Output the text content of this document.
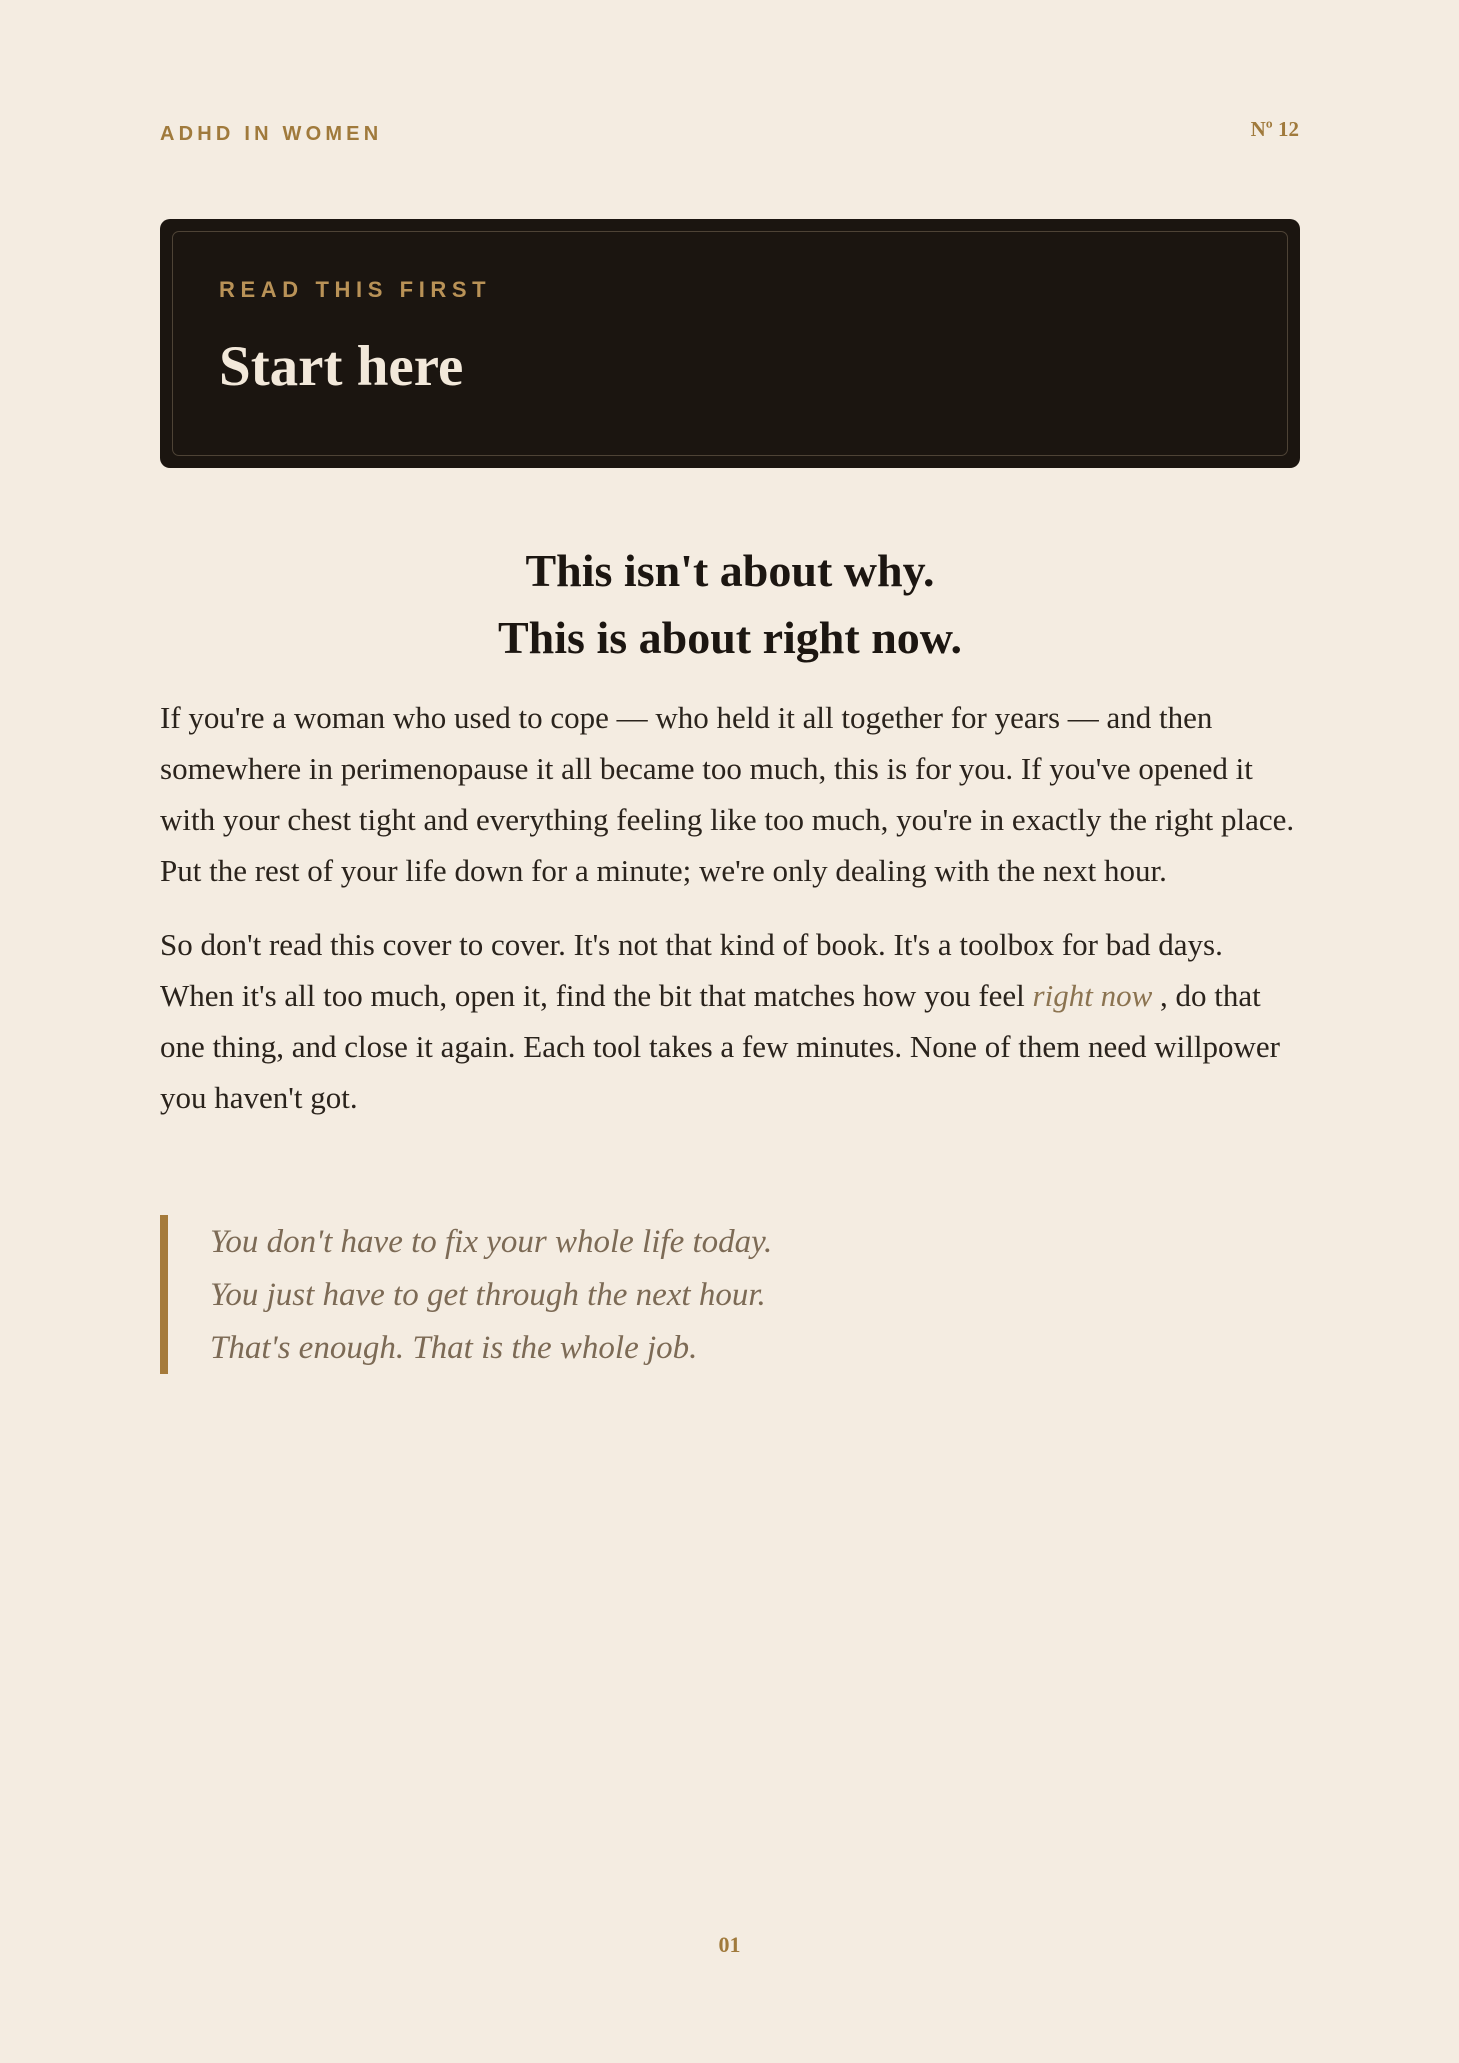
ADHD IN WOMEN	Nº 12
READ THIS FIRST
Start here
This isn't about why.
This is about right now.

If you're a woman who used to cope — who held it all together for years — and then somewhere in perimenopause it all became too much, this is for you. If you've opened it with your chest tight and everything feeling like too much, you're in exactly the right place. Put the rest of your life down for a minute; we're only dealing with the next hour.

So don't read this cover to cover. It's not that kind of book. It's a toolbox for bad days. When it's all too much, open it, find the bit that matches how you feel right now , do that one thing, and close it again. Each tool takes a few minutes. None of them need willpower you haven't got.

You don't have to fix your whole life today.
You just have to get through the next hour.
That's enough. That is the whole job.
01
